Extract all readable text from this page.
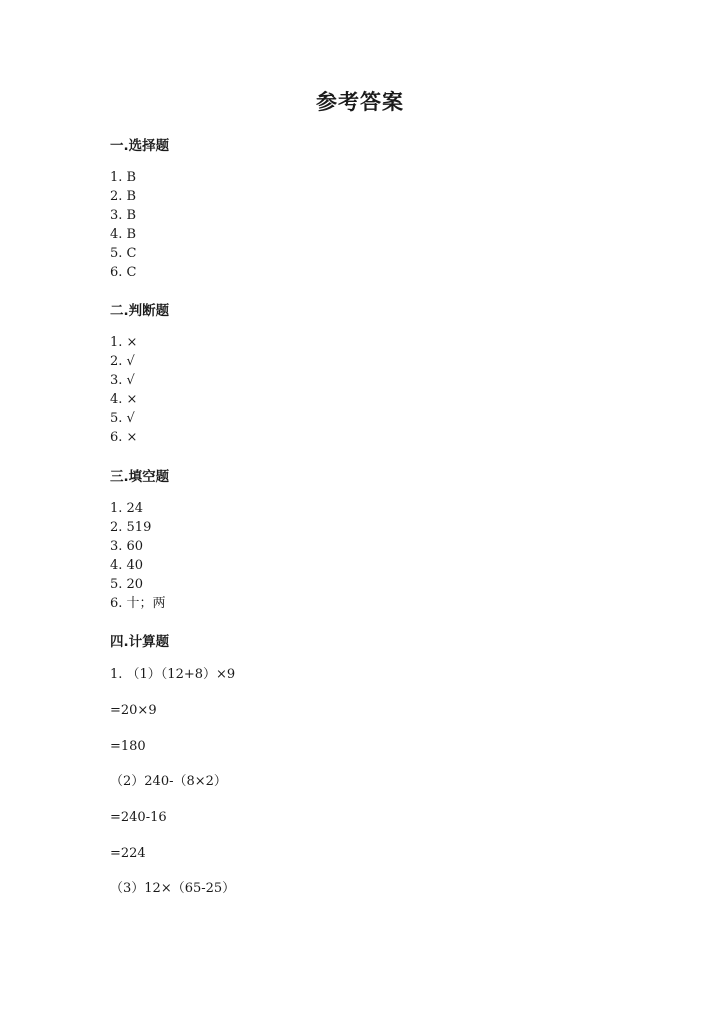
参考答案
一.选择题
1. B
2. B
3. B
4. B
5. C
6. C
二.判断题
1. ×
2. √
3. √
4. ×
5. √
6. ×
三.填空题
1. 24
2. 519
3. 60
4. 40
5. 20
6. 十；两
四.计算题
1. （1）（12+8）×9
=20×9
=180
（2）240-（8×2）
=240-16
=224
（3）12×（65-25）
